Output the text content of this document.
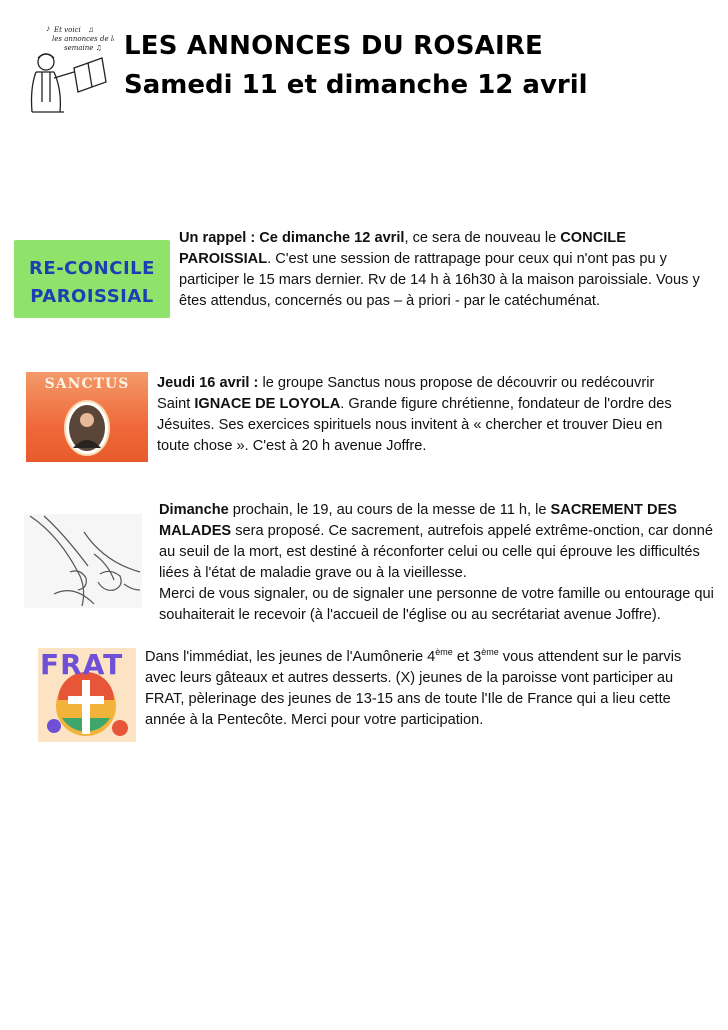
Et voici
les annonces de la
semaine ♫
♪	♫
LES ANNONCES DU ROSAIRE
Samedi 11 et dimanche 12 avril
RE-CONCILE
PAROISSIAL
Un rappel : Ce dimanche 12 avril, ce sera de nouveau le CONCILE PAROISSIAL. C'est une session de rattrapage pour ceux qui n'ont pas pu y participer le 15 mars dernier. Rv de 14 h à 16h30 à la maison paroissiale. Vous y êtes attendus, concernés ou pas – à priori - par le catéchuménat.
SANCTUS	Jeudi 16 avril : le groupe Sanctus nous propose de découvrir ou redécouvrir Saint IGNACE DE LOYOLA. Grande figure chrétienne, fondateur de l'ordre des Jésuites. Ses exercices spirituels nous invitent à « chercher et trouver Dieu en toute chose ». C'est à 20 h avenue Joffre.
Dimanche prochain, le 19, au cours de la messe de 11 h, le SACREMENT DES MALADES sera proposé. Ce sacrement, autrefois appelé extrême-onction, car donné au seuil de la mort, est destiné à réconforter celui ou celle qui éprouve les difficultés liées à l'état de maladie grave ou à la vieillesse.
Merci de vous signaler, ou de signaler une personne de votre famille ou entourage qui souhaiterait le recevoir (à l'accueil de l'église ou au secrétariat avenue Joffre).
FRAT Dans l'immédiat, les jeunes de l'Aumônerie 4ème et 3ème vous attendent sur le parvis avec leurs gâteaux et autres desserts. (X) jeunes de la paroisse vont participer au FRAT, pèlerinage des jeunes de 13-15 ans de toute l'Ile de France qui a lieu cette année à la Pentecôte. Merci pour votre participation.
